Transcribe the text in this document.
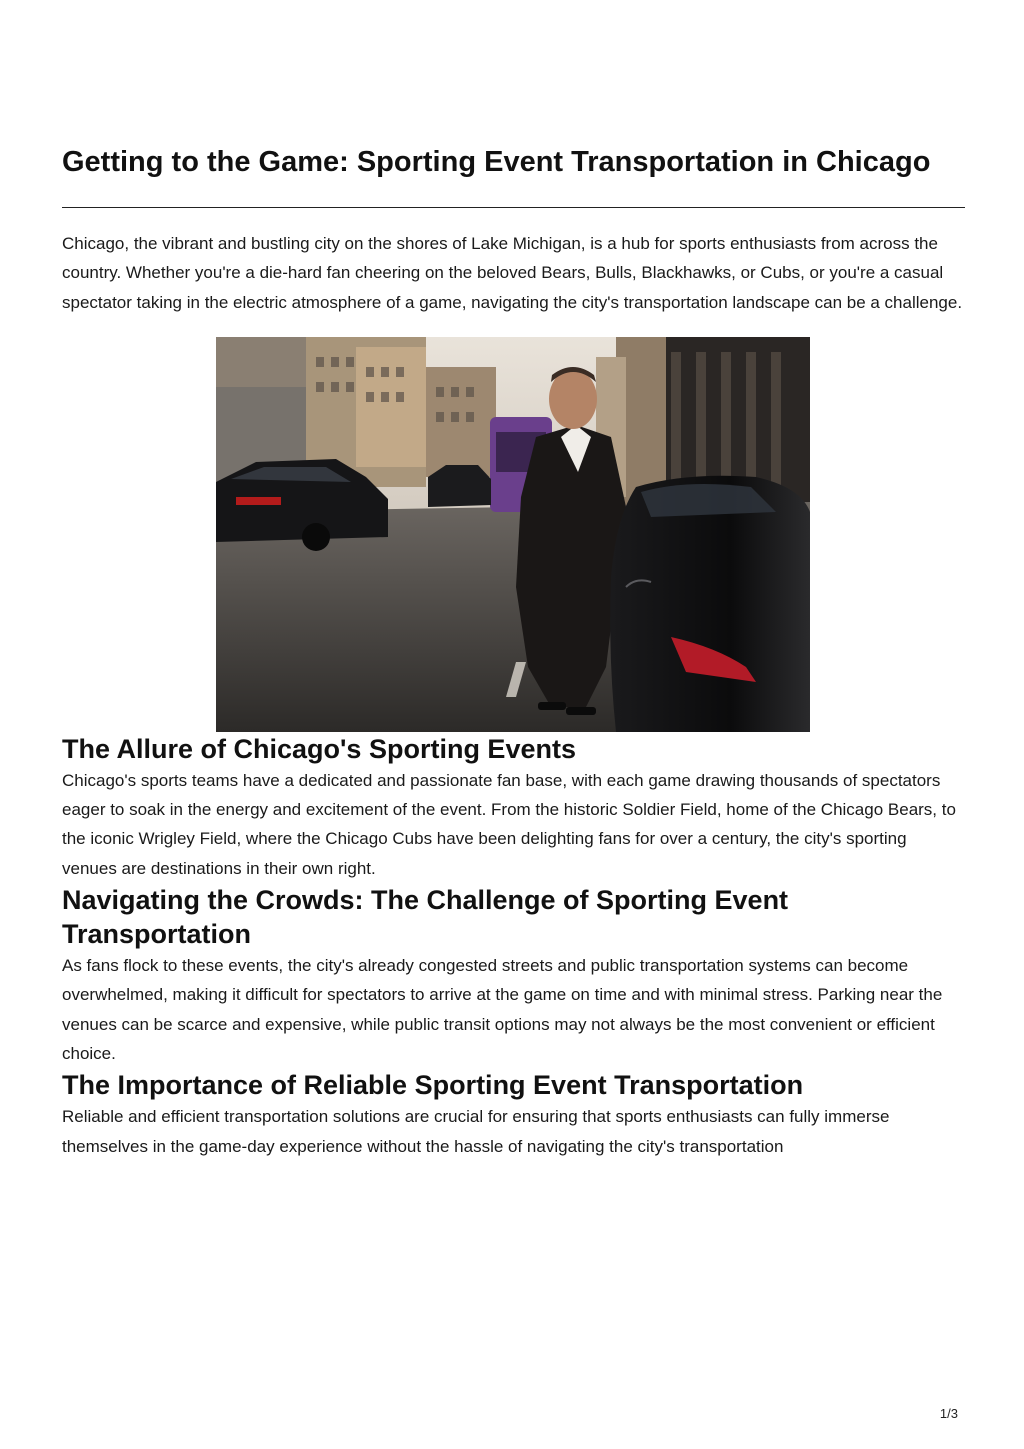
Getting to the Game: Sporting Event Transportation in Chicago

Chicago, the vibrant and bustling city on the shores of Lake Michigan, is a hub for sports enthusiasts from across the country. Whether you're a die-hard fan cheering on the beloved Bears, Bulls, Blackhawks, or Cubs, or you're a casual spectator taking in the electric atmosphere of a game, navigating the city's transportation landscape can be a challenge.

The Allure of Chicago's Sporting Events

Chicago's sports teams have a dedicated and passionate fan base, with each game drawing thousands of spectators eager to soak in the energy and excitement of the event. From the historic Soldier Field, home of the Chicago Bears, to the iconic Wrigley Field, where the Chicago Cubs have been delighting fans for over a century, the city's sporting venues are destinations in their own right.

Navigating the Crowds: The Challenge of Sporting Event Transportation

As fans flock to these events, the city's already congested streets and public transportation systems can become overwhelmed, making it difficult for spectators to arrive at the game on time and with minimal stress. Parking near the venues can be scarce and expensive, while public transit options may not always be the most convenient or efficient choice.

The Importance of Reliable Sporting Event Transportation

Reliable and efficient transportation solutions are crucial for ensuring that sports enthusiasts can fully immerse themselves in the game-day experience without the hassle of navigating the city's transportation

1/3
